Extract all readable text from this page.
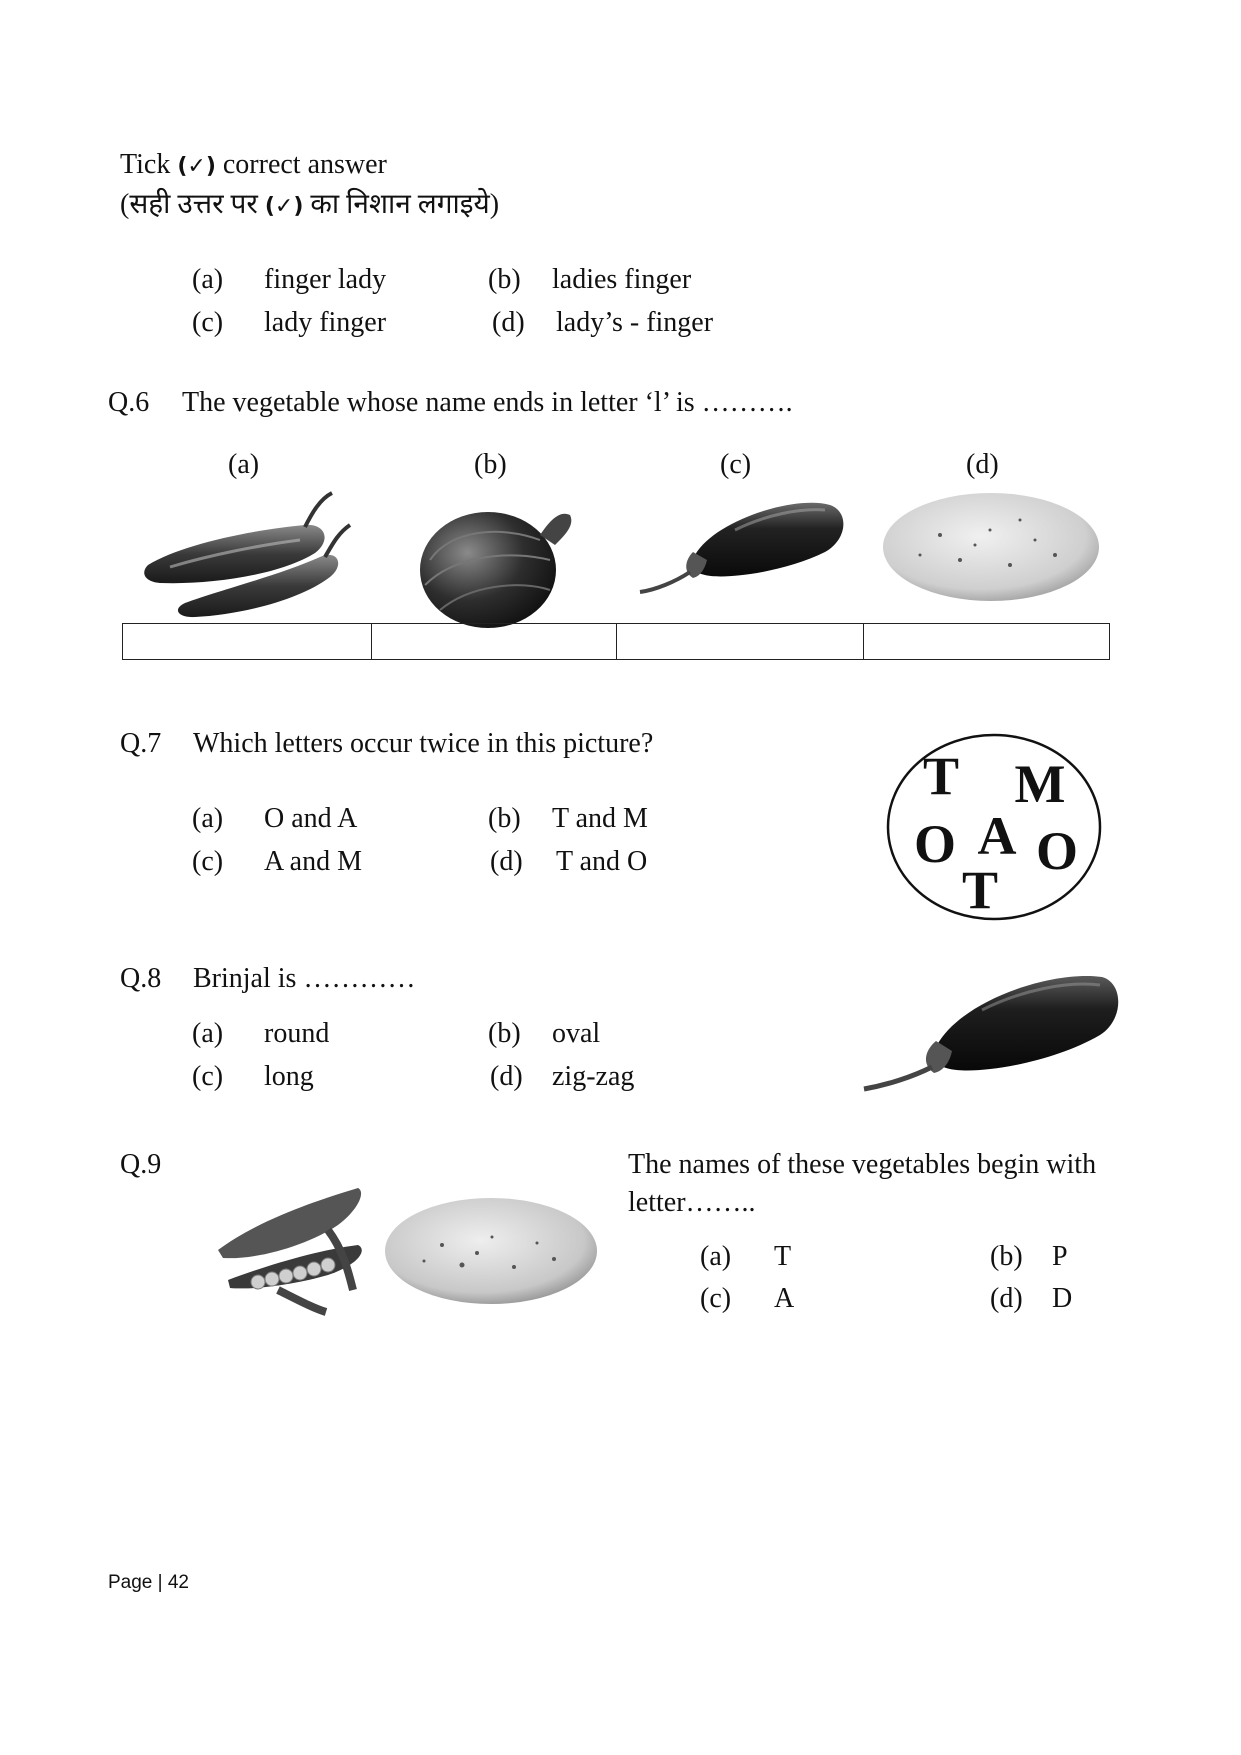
Tick (✓) correct answer
(सही उत्तर पर (✓) का निशान लगाइये)
(a) finger lady	(b) ladies finger
(c) lady finger	(d) lady’s - finger
Q.6 The vegetable whose name ends in letter ‘l’ is ……….
(a)	(b)	(c)	(d)

Q.7 Which letters occur twice in this picture?
(a) O and A	(b) T and M
(c) A and M	(d) T and O
T M
O A O
T
Q.8 Brinjal is …………
(a) round	(b) oval
(c) long	(d) zig-zag
Q.9	The names of these vegetables begin with
letter……..
(a) T	(b) P
(c) A	(d) D
Page | 42
